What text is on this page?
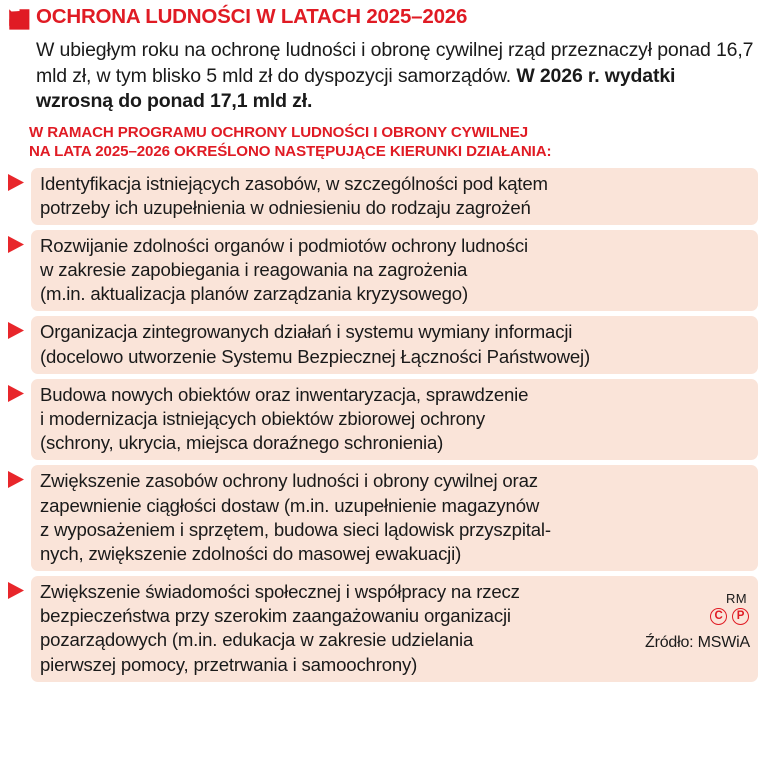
OCHRONA LUDNOŚCI W LATACH 2025–2026
W ubiegłym roku na ochronę ludności i obronę cywilnej rząd przeznaczył ponad 16,7 mld zł, w tym blisko 5 mld zł do dyspozycji samorządów. W 2026 r. wydatki wzrosną do ponad 17,1 mld zł.
W RAMACH PROGRAMU OCHRONY LUDNOŚCI I OBRONY CYWILNEJ
NA LATA 2025–2026 OKREŚLONO NASTĘPUJĄCE KIERUNKI DZIAŁANIA:
Identyfikacja istniejących zasobów, w szczególności pod kątem
potrzeby ich uzupełnienia w odniesieniu do rodzaju zagrożeń
Rozwijanie zdolności organów i podmiotów ochrony ludności
w zakresie zapobiegania i reagowania na zagrożenia
(m.in. aktualizacja planów zarządzania kryzysowego)
Organizacja zintegrowanych działań i systemu wymiany informacji
(docelowo utworzenie Systemu Bezpiecznej Łączności Państwowej)
Budowa nowych obiektów oraz inwentaryzacja, sprawdzenie
i modernizacja istniejących obiektów zbiorowej ochrony
(schrony, ukrycia, miejsca doraźnego schronienia)
Zwiększenie zasobów ochrony ludności i obrony cywilnej oraz
zapewnienie ciągłości dostaw (m.in. uzupełnienie magazynów
z wyposażeniem i sprzętem, budowa sieci lądowisk przyszpital-
nych, zwiększenie zdolności do masowej ewakuacji)
Zwiększenie świadomości społecznej i współpracy na rzecz
bezpieczeństwa przy szerokim zaangażowaniu organizacji
pozarządowych (m.in. edukacja w zakresie udzielania
pierwszej pomocy, przetrwania i samoochrony)
RM
C	P
Źródło: MSWiA
